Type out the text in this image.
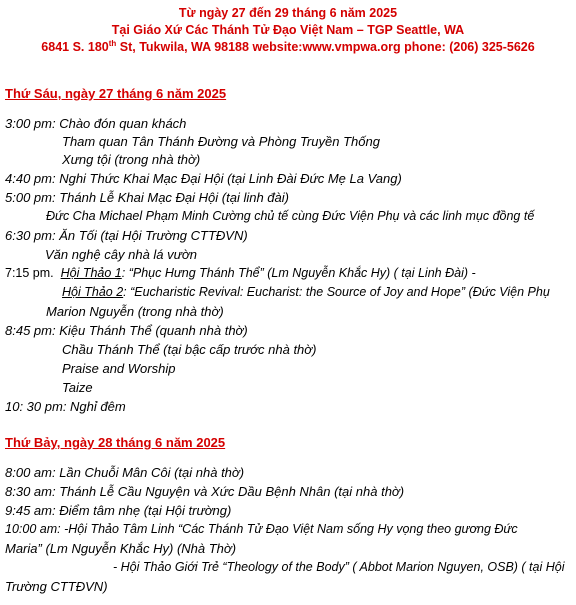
Từ ngày 27 đến 29 tháng 6 năm 2025
Tại Giáo Xứ Các Thánh Tử Đạo Việt Nam – TGP Seattle, WA
6841 S. 180th St, Tukwila, WA 98188 website:www.vmpwa.org phone: (206) 325-5626
Thứ Sáu, ngày 27 tháng 6 năm 2025
3:00 pm: Chào đón quan khách
Tham quan Tân Thánh Đường và Phòng Truyền Thống
Xưng tội (trong nhà thờ)
4:40 pm: Nghi Thức Khai Mạc Đại Hội (tại Linh Đài Đức Mẹ La Vang)
5:00 pm: Thánh Lễ Khai Mạc Đại Hội (tại linh đài)
Đức Cha Michael Phạm Minh Cường chủ tế cùng Đức Viện Phụ và các linh mục đồng tế
6:30 pm: Ăn Tối (tại Hội Trường CTTĐVN)
Văn nghệ cây nhà lá vườn
7:15 pm. Hội Thảo 1: “Phục Hưng Thánh Thể” (Lm Nguyễn Khắc Hy) ( tại Linh Đài) -
Hội Thảo 2: “Eucharistic Revival: Eucharist: the Source of Joy and Hope” (Đức Viện Phụ
Marion Nguyễn (trong nhà thờ)
8:45 pm: Kiệu Thánh Thể (quanh nhà thờ)
Chầu Thánh Thể (tại bậc cấp trước nhà thờ)
Praise and Worship
Taize
10: 30 pm: Nghỉ đêm
Thứ Bảy, ngày 28 tháng 6 năm 2025
8:00 am: Lần Chuỗi Mân Côi (tại nhà thờ)
8:30 am: Thánh Lễ Cầu Nguyện và Xức Dầu Bệnh Nhân (tại nhà thờ)
9:45 am: Điểm tâm nhẹ (tại Hội trường)
10:00 am: -Hội Thảo Tâm Linh “Các Thánh Tử Đạo Việt Nam sống Hy vọng theo gương Đức
Maria” (Lm Nguyễn Khắc Hy) (Nhà Thờ)
- Hội Thảo Giới Trẻ “Theology of the Body” ( Abbot Marion Nguyen, OSB) ( tại Hội
Trường CTTĐVN)
